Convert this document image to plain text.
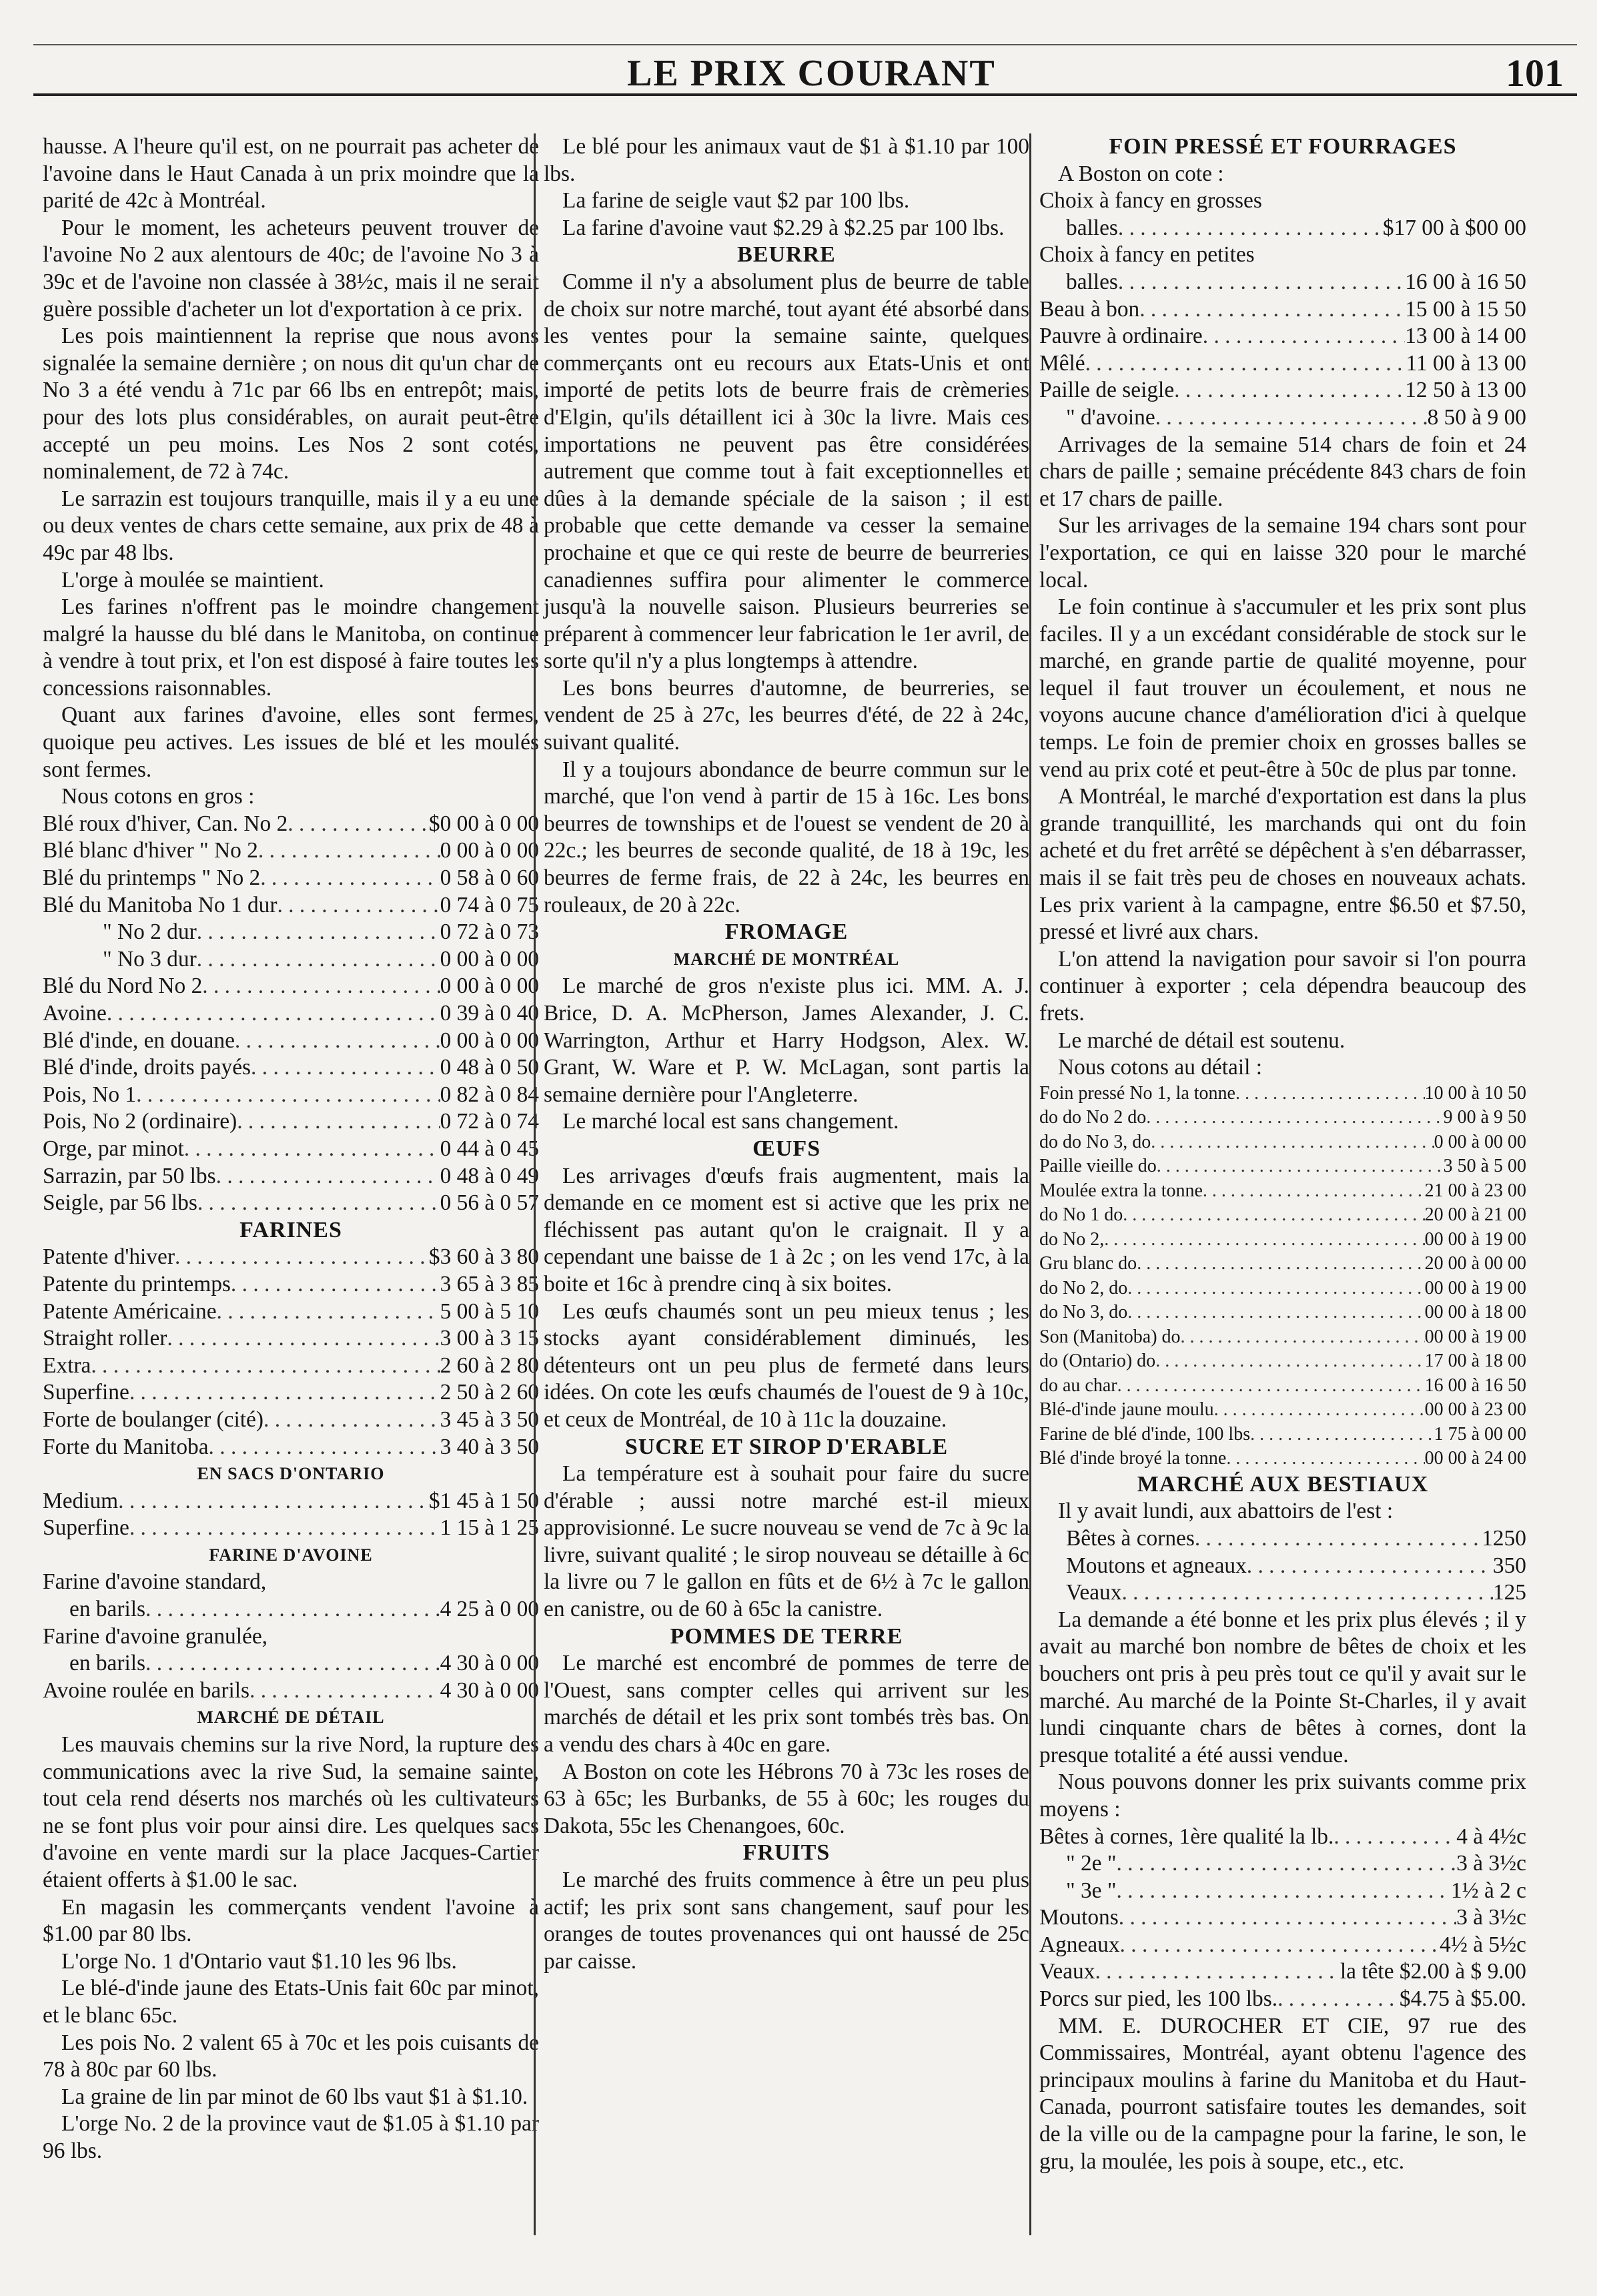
LE PRIX COURANT	101

hausse. A l'heure qu'il est, on ne pourrait pas acheter de l'avoine dans le Haut Canada à un prix moindre que la parité de 42c à Montréal.

Pour le moment, les acheteurs peuvent trouver de l'avoine No 2 aux alentours de 40c; de l'avoine No 3 à 39c et de l'avoine non classée à 38½c, mais il ne serait guère possible d'acheter un lot d'exportation à ce prix.

Les pois maintiennent la reprise que nous avons signalée la semaine dernière ; on nous dit qu'un char de No 3 a été vendu à 71c par 66 lbs en entrepôt; mais, pour des lots plus considérables, on aurait peut-être accepté un peu moins. Les Nos 2 sont cotés, nominalement, de 72 à 74c.

Le sarrazin est toujours tranquille, mais il y a eu une ou deux ventes de chars cette semaine, aux prix de 48 à 49c par 48 lbs.

L'orge à moulée se maintient.

Les farines n'offrent pas le moindre changement malgré la hausse du blé dans le Manitoba, on continue à vendre à tout prix, et l'on est disposé à faire toutes les concessions raisonnables.

Quant aux farines d'avoine, elles sont fermes, quoique peu actives. Les issues de blé et les moulés sont fermes.

Nous cotons en gros :

Blé roux d'hiver, Can. No 2 . . .	$0 00 à 0 00
Blé blanc d'hiver " No 2 . . .	0 00 à 0 00
Blé du printemps " No 2 . . .	0 58 à 0 60
Blé du Manitoba No 1 dur . . .	0 74 à 0 75
" No 2 dur . . .	0 72 à 0 73
" No 3 dur . . .	0 00 à 0 00
Blé du Nord No 2 . . .	0 00 à 0 00
Avoine . . .	0 39 à 0 40
Blé d'inde, en douane . . .	0 00 à 0 00
Blé d'inde, droits payés . . .	0 48 à 0 50
Pois, No 1 . . .	0 82 à 0 84
Pois, No 2 (ordinaire) . . .	0 72 à 0 74
Orge, par minot . . .	0 44 à 0 45
Sarrazin, par 50 lbs . . .	0 48 à 0 49
Seigle, par 56 lbs . . .	0 56 à 0 57
FARINES
Patente d'hiver . . .	$3 60 à 3 80
Patente du printemps . . .	3 65 à 3 85
Patente Américaine . . .	5 00 à 5 10
Straight roller . . .	3 00 à 3 15
Extra . . .	2 60 à 2 80
Superfine . . .	2 50 à 2 60
Forte de boulanger (cité) . . .	3 45 à 3 50
Forte du Manitoba . . .	3 40 à 3 50
EN SACS D'ONTARIO
Medium . . .	$1 45 à 1 50
Superfine . . .	1 15 à 1 25
FARINE D'AVOINE
Farine d'avoine standard,
en barils . . .	4 25 à 0 00
Farine d'avoine granulée,
en barils . . .	4 30 à 0 00
Avoine roulée en barils . . .	4 30 à 0 00
MARCHÉ DE DÉTAIL

Les mauvais chemins sur la rive Nord, la rupture des communications avec la rive Sud, la semaine sainte, tout cela rend déserts nos marchés où les cultivateurs ne se font plus voir pour ainsi dire. Les quelques sacs d'avoine en vente mardi sur la place Jacques-Cartier étaient offerts à $1.00 le sac.

En magasin les commerçants vendent l'avoine à $1.00 par 80 lbs.

L'orge No. 1 d'Ontario vaut $1.10 les 96 lbs.

Le blé-d'inde jaune des Etats-Unis fait 60c par minot, et le blanc 65c.

Les pois No. 2 valent 65 à 70c et les pois cuisants de 78 à 80c par 60 lbs.

La graine de lin par minot de 60 lbs vaut $1 à $1.10.

L'orge No. 2 de la province vaut de $1.05 à $1.10 par 96 lbs.

Le blé pour les animaux vaut de $1 à $1.10 par 100 lbs.

La farine de seigle vaut $2 par 100 lbs.

La farine d'avoine vaut $2.29 à $2.25 par 100 lbs.

BEURRE

Comme il n'y a absolument plus de beurre de table de choix sur notre marché, tout ayant été absorbé dans les ventes pour la semaine sainte, quelques commerçants ont eu recours aux Etats-Unis et ont importé de petits lots de beurre frais de crèmeries d'Elgin, qu'ils détaillent ici à 30c la livre. Mais ces importations ne peuvent pas être considérées autrement que comme tout à fait exceptionnelles et dûes à la demande spéciale de la saison ; il est probable que cette demande va cesser la semaine prochaine et que ce qui reste de beurre de beurreries canadiennes suffira pour alimenter le commerce jusqu'à la nouvelle saison. Plusieurs beurreries se préparent à commencer leur fabrication le 1er avril, de sorte qu'il n'y a plus longtemps à attendre.

Les bons beurres d'automne, de beurreries, se vendent de 25 à 27c, les beurres d'été, de 22 à 24c, suivant qualité.

Il y a toujours abondance de beurre commun sur le marché, que l'on vend à partir de 15 à 16c. Les bons beurres de townships et de l'ouest se vendent de 20 à 22c.; les beurres de seconde qualité, de 18 à 19c, les beurres de ferme frais, de 22 à 24c, les beurres en rouleaux, de 20 à 22c.

FROMAGE
MARCHÉ DE MONTRÉAL

Le marché de gros n'existe plus ici. MM. A. J. Brice, D. A. McPherson, James Alexander, J. C. Warrington, Arthur et Harry Hodgson, Alex. W. Grant, W. Ware et P. W. McLagan, sont partis la semaine dernière pour l'Angleterre.

Le marché local est sans changement.

ŒUFS

Les arrivages d'œufs frais augmentent, mais la demande en ce moment est si active que les prix ne fléchissent pas autant qu'on le craignait. Il y a cependant une baisse de 1 à 2c ; on les vend 17c, à la boite et 16c à prendre cinq à six boites.

Les œufs chaumés sont un peu mieux tenus ; les stocks ayant considérablement diminués, les détenteurs ont un peu plus de fermeté dans leurs idées. On cote les œufs chaumés de l'ouest de 9 à 10c, et ceux de Montréal, de 10 à 11c la douzaine.

SUCRE ET SIROP D'ERABLE

La température est à souhait pour faire du sucre d'érable ; aussi notre marché est-il mieux approvisionné. Le sucre nouveau se vend de 7c à 9c la livre, suivant qualité ; le sirop nouveau se détaille à 6c la livre ou 7 le gallon en fûts et de 6½ à 7c le gallon en canistre, ou de 60 à 65c la canistre.

POMMES DE TERRE

Le marché est encombré de pommes de terre de l'Ouest, sans compter celles qui arrivent sur les marchés de détail et les prix sont tombés très bas. On a vendu des chars à 40c en gare.

A Boston on cote les Hébrons 70 à 73c les roses de 63 à 65c; les Burbanks, de 55 à 60c; les rouges du Dakota, 55c les Chenangoes, 60c.

FRUITS

Le marché des fruits commence à être un peu plus actif; les prix sont sans changement, sauf pour les oranges de toutes provenances qui ont haussé de 25c par caisse.

FOIN PRESSÉ ET FOURRAGES

A Boston on cote :

Choix à fancy en grosses
balles . . .	$17 00 à $00 00
Choix à fancy en petites
balles . . .	16 00 à 16 50
Beau à bon . . .	15 00 à 15 50
Pauvre à ordinaire . . .	13 00 à 14 00
Mêlé . . .	11 00 à 13 00
Paille de seigle . . .	12 50 à 13 00
" d'avoine . . .	8 50 à 9 00

Arrivages de la semaine 514 chars de foin et 24 chars de paille ; semaine précédente 843 chars de foin et 17 chars de paille.

Sur les arrivages de la semaine 194 chars sont pour l'exportation, ce qui en laisse 320 pour le marché local.

Le foin continue à s'accumuler et les prix sont plus faciles. Il y a un excédant considérable de stock sur le marché, en grande partie de qualité moyenne, pour lequel il faut trouver un écoulement, et nous ne voyons aucune chance d'amélioration d'ici à quelque temps. Le foin de premier choix en grosses balles se vend au prix coté et peut-être à 50c de plus par tonne.

A Montréal, le marché d'exportation est dans la plus grande tranquillité, les marchands qui ont du foin acheté et du fret arrêté se dépêchent à s'en débarrasser, mais il se fait très peu de choses en nouveaux achats. Les prix varient à la campagne, entre $6.50 et $7.50, pressé et livré aux chars.

L'on attend la navigation pour savoir si l'on pourra continuer à exporter ; cela dépendra beaucoup des frets.

Le marché de détail est soutenu.

Nous cotons au détail :

Foin pressé No 1, la tonne . . .	10 00 à 10 50
do do No 2 do . . .	9 00 à 9 50
do do No 3, do . . .	0 00 à 00 00
Paille vieille do . . .	3 50 à 5 00
Moulée extra la tonne . . .	21 00 à 23 00
do No 1 do . . .	20 00 à 21 00
do No 2, . . .	00 00 à 19 00
Gru blanc do . . .	20 00 à 00 00
do No 2, do . . .	00 00 à 19 00
do No 3, do . . .	00 00 à 18 00
Son (Manitoba) do . . .	00 00 à 19 00
do (Ontario) do . . .	17 00 à 18 00
do au char . . .	16 00 à 16 50
Blé-d'inde jaune moulu . . .	00 00 à 23 00
Farine de blé d'inde, 100 lbs . . .	1 75 à 00 00
Blé d'inde broyé la tonne . . .	00 00 à 24 00
MARCHÉ AUX BESTIAUX

Il y avait lundi, aux abattoirs de l'est :

Bêtes à cornes . . .	1250
Moutons et agneaux . . .	350
Veaux . . .	125

La demande a été bonne et les prix plus élevés ; il y avait au marché bon nombre de bêtes de choix et les bouchers ont pris à peu près tout ce qu'il y avait sur le marché. Au marché de la Pointe St-Charles, il y avait lundi cinquante chars de bêtes à cornes, dont la presque totalité a été aussi vendue.

Nous pouvons donner les prix suivants comme prix moyens :

Bêtes à cornes, 1ère qualité la lb. . . .	4 à 4½c
" 2e " . . .	3 à 3½c
" 3e " . . .	1½ à 2 c
Moutons . . .	3 à 3½c
Agneaux . . .	4½ à 5½c
Veaux . . .	la tête $2.00 à $ 9.00
Porcs sur pied, les 100 lbs. . . .	$4.75 à $5.00.

MM. E. DUROCHER ET CIE, 97 rue des Commissaires, Montréal, ayant obtenu l'agence des principaux moulins à farine du Manitoba et du Haut-Canada, pourront satisfaire toutes les demandes, soit de la ville ou de la campagne pour la farine, le son, le gru, la moulée, les pois à soupe, etc., etc.
